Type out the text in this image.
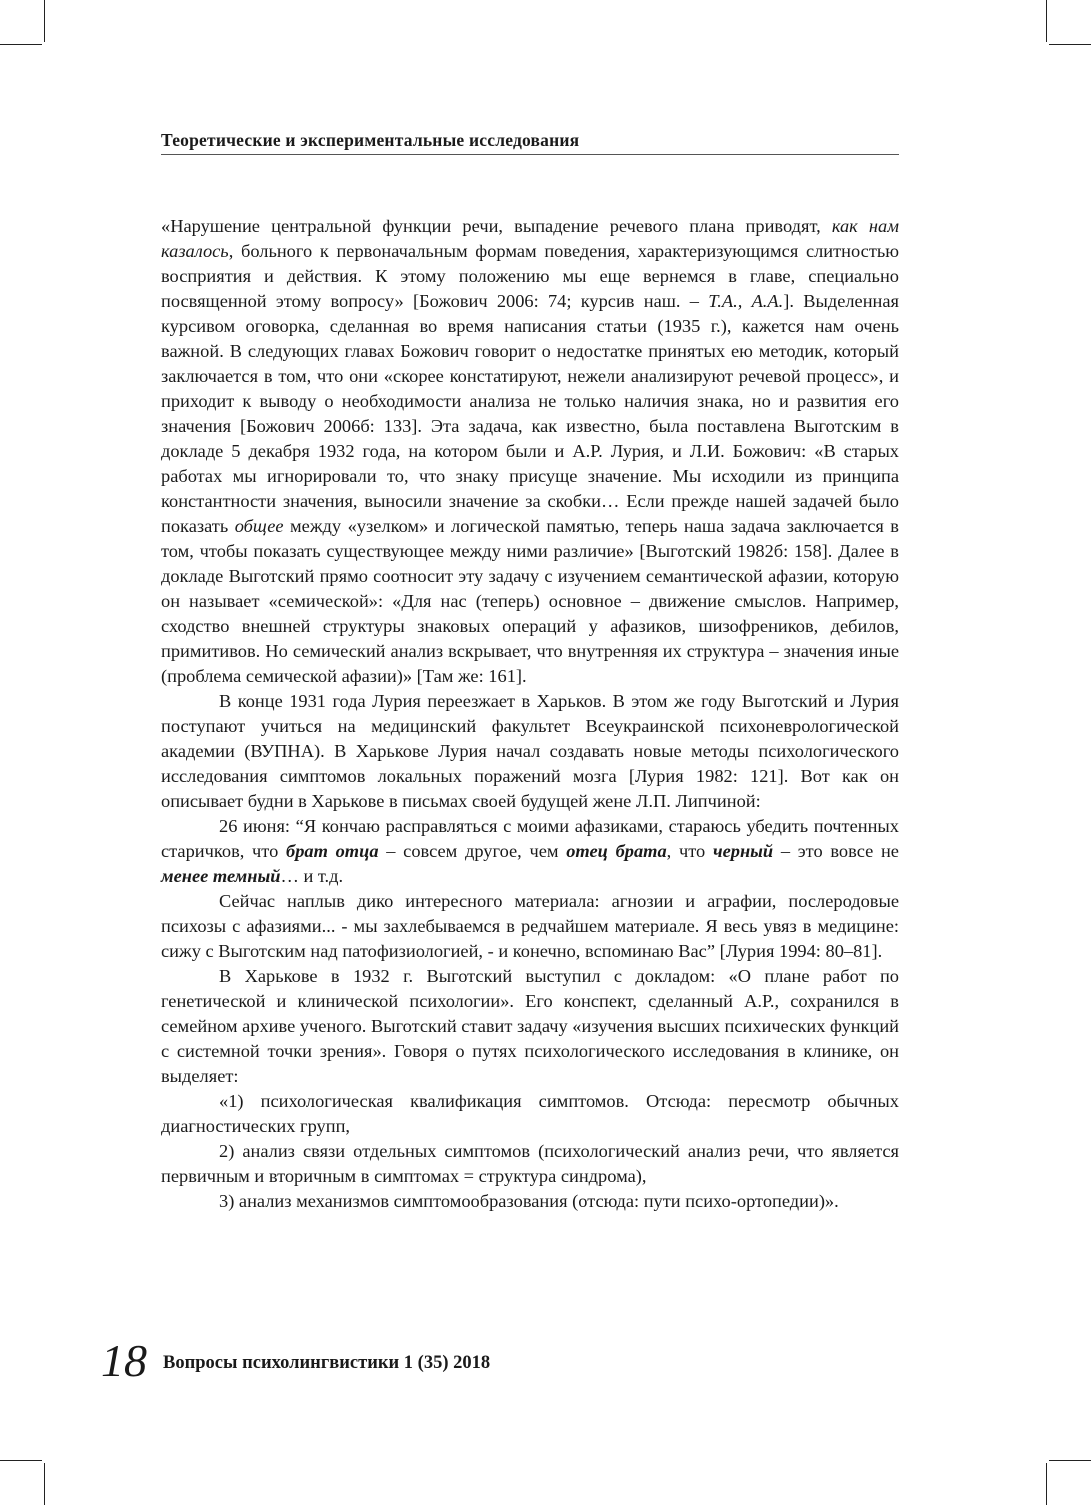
Теоретические и экспериментальные исследования

«Нарушение центральной функции речи, выпадение речевого плана приводят, как нам казалось, больного к первоначальным формам поведения, характеризующимся слитностью восприятия и действия. К этому положению мы еще вернемся в главе, специально посвященной этому вопросу» [Божович 2006: 74; курсив наш. – Т.А., А.А.]. Выделенная курсивом оговорка, сделанная во время написания статьи (1935 г.), кажется нам очень важной. В следующих главах Божович говорит о недостатке принятых ею методик, который заключается в том, что они «скорее констатируют, нежели анализируют речевой процесс», и приходит к выводу о необходимости анализа не только наличия знака, но и развития его значения [Божович 2006б: 133]. Эта задача, как известно, была поставлена Выготским в докладе 5 декабря 1932 года, на котором были и А.Р. Лурия, и Л.И. Божович: «В старых работах мы игнорировали то, что знаку присуще значение. Мы исходили из принципа константности значения, выносили значение за скобки… Если прежде нашей задачей было показать общее между «узелком» и логической памятью, теперь наша задача заключается в том, чтобы показать существующее между ними различие» [Выготский 1982б: 158]. Далее в докладе Выготский прямо соотносит эту задачу с изучением семантической афазии, которую он называет «семической»: «Для нас (теперь) основное – движение смыслов. Например, сходство внешней структуры знаковых операций у афазиков, шизофреников, дебилов, примитивов. Но семический анализ вскрывает, что внутренняя их структура – значения иные (проблема семической афазии)» [Там же: 161].

В конце 1931 года Лурия переезжает в Харьков. В этом же году Выготский и Лурия поступают учиться на медицинский факультет Всеукраинской психоневрологической академии (ВУПНА). В Харькове Лурия начал создавать новые методы психологического исследования симптомов локальных поражений мозга [Лурия 1982: 121]. Вот как он описывает будни в Харькове в письмах своей будущей жене Л.П. Липчиной:

26 июня: “Я кончаю расправляться с моими афазиками, стараюсь убедить почтенных старичков, что брат отца – совсем другое, чем отец брата, что черный – это вовсе не менее темный… и т.д.

Сейчас наплыв дико интересного материала: агнозии и аграфии, послеродовые психозы с афазиями... - мы захлебываемся в редчайшем материале. Я весь увяз в медицине: сижу с Выготским над патофизиологией, - и конечно, вспоминаю Вас” [Лурия 1994: 80–81].

В Харькове в 1932 г. Выготский выступил с докладом: «О плане работ по генетической и клинической психологии». Его конспект, сделанный А.Р., сохранился в семейном архиве ученого. Выготский ставит задачу «изучения высших психических функций с системной точки зрения». Говоря о путях психологического исследования в клинике, он выделяет:

«1) психологическая квалификация симптомов. Отсюда: пересмотр обычных диагностических групп,

2) анализ связи отдельных симптомов (психологический анализ речи, что является первичным и вторичным в симптомах = структура синдрома),

3) анализ механизмов симптомообразования (отсюда: пути психо-ортопедии)».

18 Вопросы психолингвистики 1 (35) 2018
